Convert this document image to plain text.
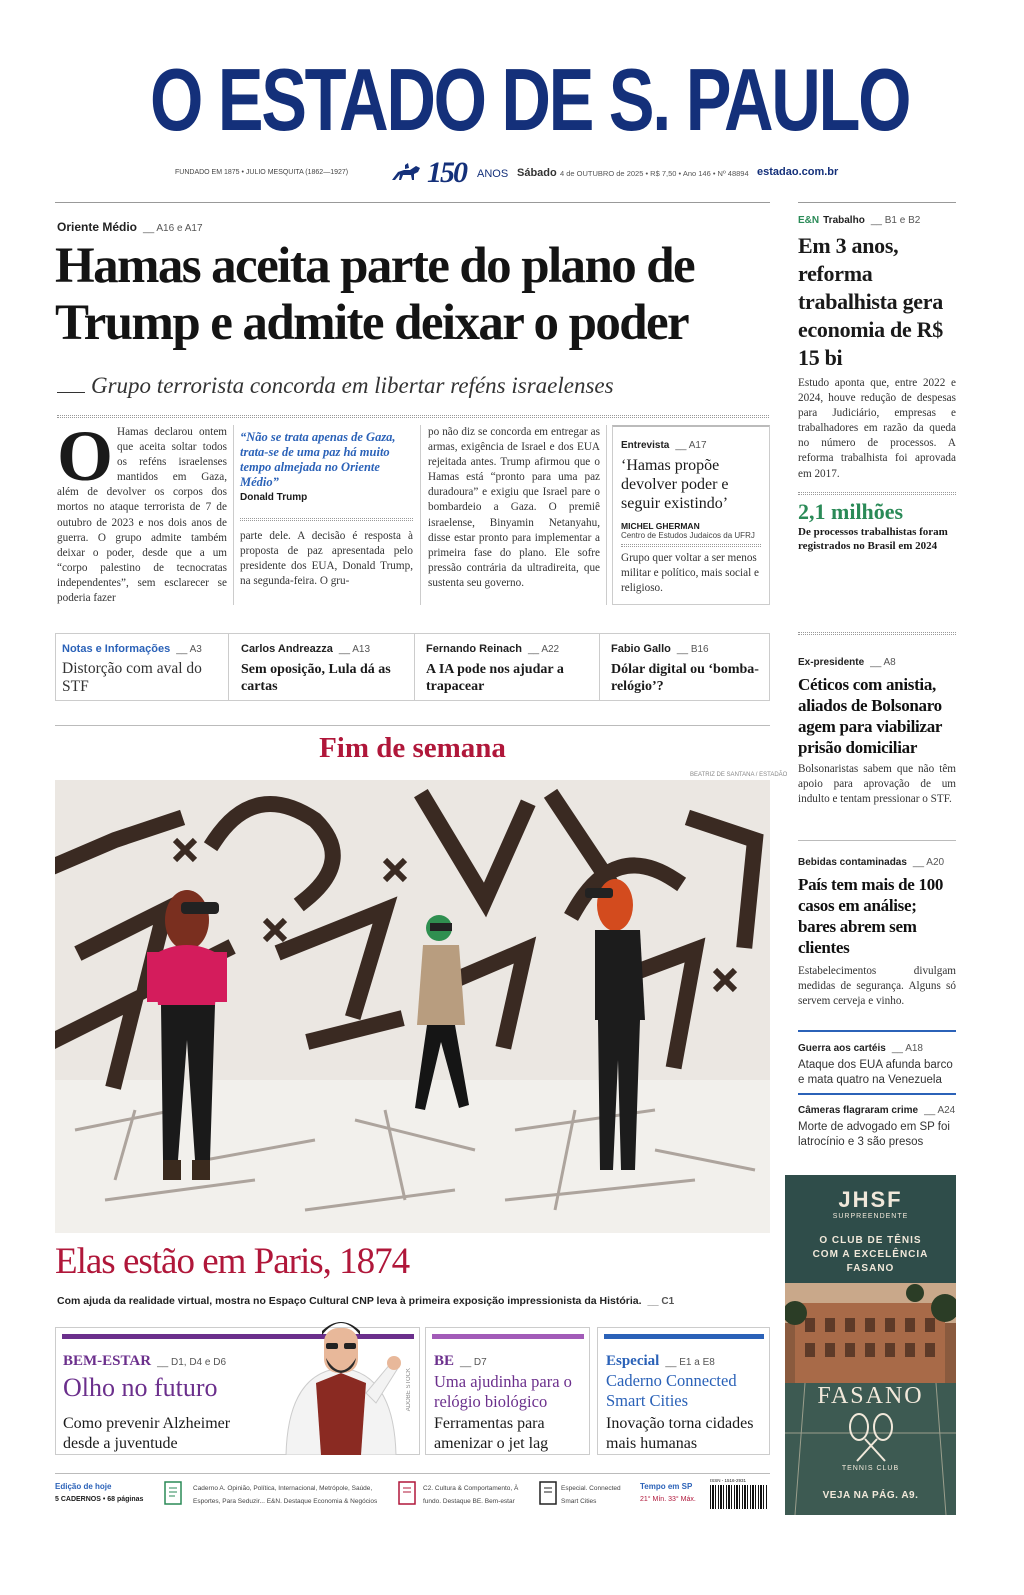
O ESTADO DE S. PAULO
FUNDADO EM 1875 • JULIO MESQUITA (1862—1927)	150 ANOS Sábado 4 de OUTUBRO de 2025 • R$ 7,50 • Ano 146 • Nº 48894 estadao.com.br
Oriente Médio __ A16 e A17
Hamas aceita parte do plano de Trump e admite deixar o poder
Grupo terrorista concorda em libertar reféns israelenses
O Hamas declarou ontem que aceita soltar todos os reféns israelenses mantidos em Gaza, além de devolver os corpos dos mortos no ataque terrorista de 7 de outubro de 2023 e nos dois anos de guerra. O grupo admite também deixar o poder, desde que a um “corpo palestino de tecnocratas independentes”, sem esclarecer se poderia fazer

“Não se trata apenas de Gaza, trata-se de uma paz há muito tempo almejada no Oriente Médio”

Donald Trump

parte dele. A decisão é resposta à proposta de paz apresentada pelo presidente dos EUA, Donald Trump, na segunda-feira. O gru-

po não diz se concorda em entregar as armas, exigência de Israel e dos EUA rejeitada antes. Trump afirmou que o Hamas está “pronto para uma paz duradoura” e exigiu que Israel pare o bombardeio a Gaza. O premiê israelense, Binyamin Netanyahu, disse estar pronto para implementar a primeira fase do plano. Ele sofre pressão contrária da ultradireita, que sustenta seu governo.

Entrevista __ A17

‘Hamas propõe devolver poder e seguir existindo’

MICHEL GHERMAN

Centro de Estudos Judaicos da UFRJ

Grupo quer voltar a ser menos militar e político, mais social e religioso.

Notas e Informações __ A3

Distorção com aval do STF

Carlos Andreazza __ A13

Sem oposição, Lula dá as cartas

Fernando Reinach __ A22

A IA pode nos ajudar a trapacear

Fabio Gallo __ B16

Dólar digital ou ‘bomba-relógio’?

Fim de semana
BEATRIZ DE SANTANA / ESTADÃO
Elas estão em Paris, 1874
Com ajuda da realidade virtual, mostra no Espaço Cultural CNP leva à primeira exposição impressionista da História. __ C1
BEM-ESTAR __ D1, D4 e D6

Olho no futuro

Como prevenir Alzheimer desde a juventude

ADOBE STOCK
BE __ D7

Uma ajudinha para o relógio biológico

Ferramentas para amenizar o jet lag

Especial __ E1 a E8

Caderno Connected Smart Cities

Inovação torna cidades mais humanas

E&N Trabalho __ B1 e B2
Em 3 anos, reforma trabalhista gera economia de R$ 15 bi

Estudo aponta que, entre 2022 e 2024, houve redução de despesas para Judiciário, empresas e trabalhadores em razão da queda no número de processos. A reforma trabalhista foi aprovada em 2017.

2,1 milhões

De processos trabalhistas foram registrados no Brasil em 2024

Ex-presidente __ A8
Céticos com anistia, aliados de Bolsonaro agem para viabilizar prisão domiciliar

Bolsonaristas sabem que não têm apoio para aprovação de um indulto e tentam pressionar o STF.

Bebidas contaminadas __ A20
País tem mais de 100 casos em análise; bares abrem sem clientes

Estabelecimentos divulgam medidas de segurança. Alguns só servem cerveja e vinho.

Guerra aos cartéis __ A18

Ataque dos EUA afunda barco e mata quatro na Venezuela

Câmeras flagraram crime __ A24

Morte de advogado em SP foi latrocínio e 3 são presos

JHSF

SURPREENDENTE

O CLUB DE TÊNIS

COM A EXCELÊNCIA

FASANO

FASANO

TENNIS CLUB

VEJA NA PÁG. A9.

Edição de hoje

5 CADERNOS • 68 páginas

Caderno A. Opinião, Política, Internacional, Metrópole, Saúde, Esportes, Para Seduzir... E&N. Destaque Economia & Negócios

C2. Cultura & Comportamento, À fundo. Destaque BE. Bem-estar

Especial. Connected Smart Cities

Tempo em SP

21° Mín. 33° Máx.

ISSN - 1516-2931
